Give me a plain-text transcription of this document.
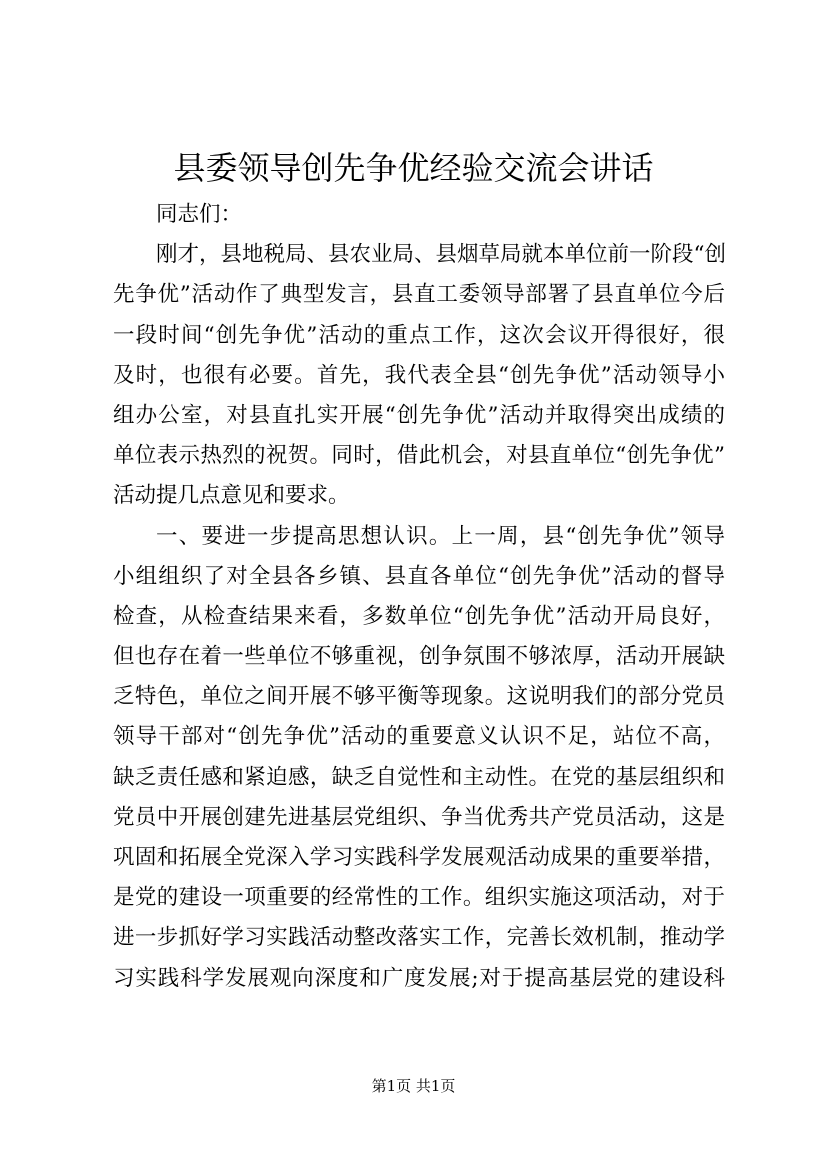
县委领导创先争优经验交流会讲话
同志们：
刚才，县地税局、县农业局、县烟草局就本单位前一阶段“创
先争优”活动作了典型发言，县直工委领导部署了县直单位今后
一段时间“创先争优”活动的重点工作，这次会议开得很好，很
及时，也很有必要。首先，我代表全县“创先争优”活动领导小
组办公室，对县直扎实开展“创先争优”活动并取得突出成绩的
单位表示热烈的祝贺。同时，借此机会，对县直单位“创先争优”
活动提几点意见和要求。
一、要进一步提高思想认识。上一周，县“创先争优”领导
小组组织了对全县各乡镇、县直各单位“创先争优”活动的督导
检查，从检查结果来看，多数单位“创先争优”活动开局良好，
但也存在着一些单位不够重视，创争氛围不够浓厚，活动开展缺
乏特色，单位之间开展不够平衡等现象。这说明我们的部分党员
领导干部对“创先争优”活动的重要意义认识不足，站位不高，
缺乏责任感和紧迫感，缺乏自觉性和主动性。在党的基层组织和
党员中开展创建先进基层党组织、争当优秀共产党员活动，这是
巩固和拓展全党深入学习实践科学发展观活动成果的重要举措，
是党的建设一项重要的经常性的工作。组织实施这项活动，对于
进一步抓好学习实践活动整改落实工作，完善长效机制，推动学
习实践科学发展观向深度和广度发展;对于提高基层党的建设科
第1页 共1页
